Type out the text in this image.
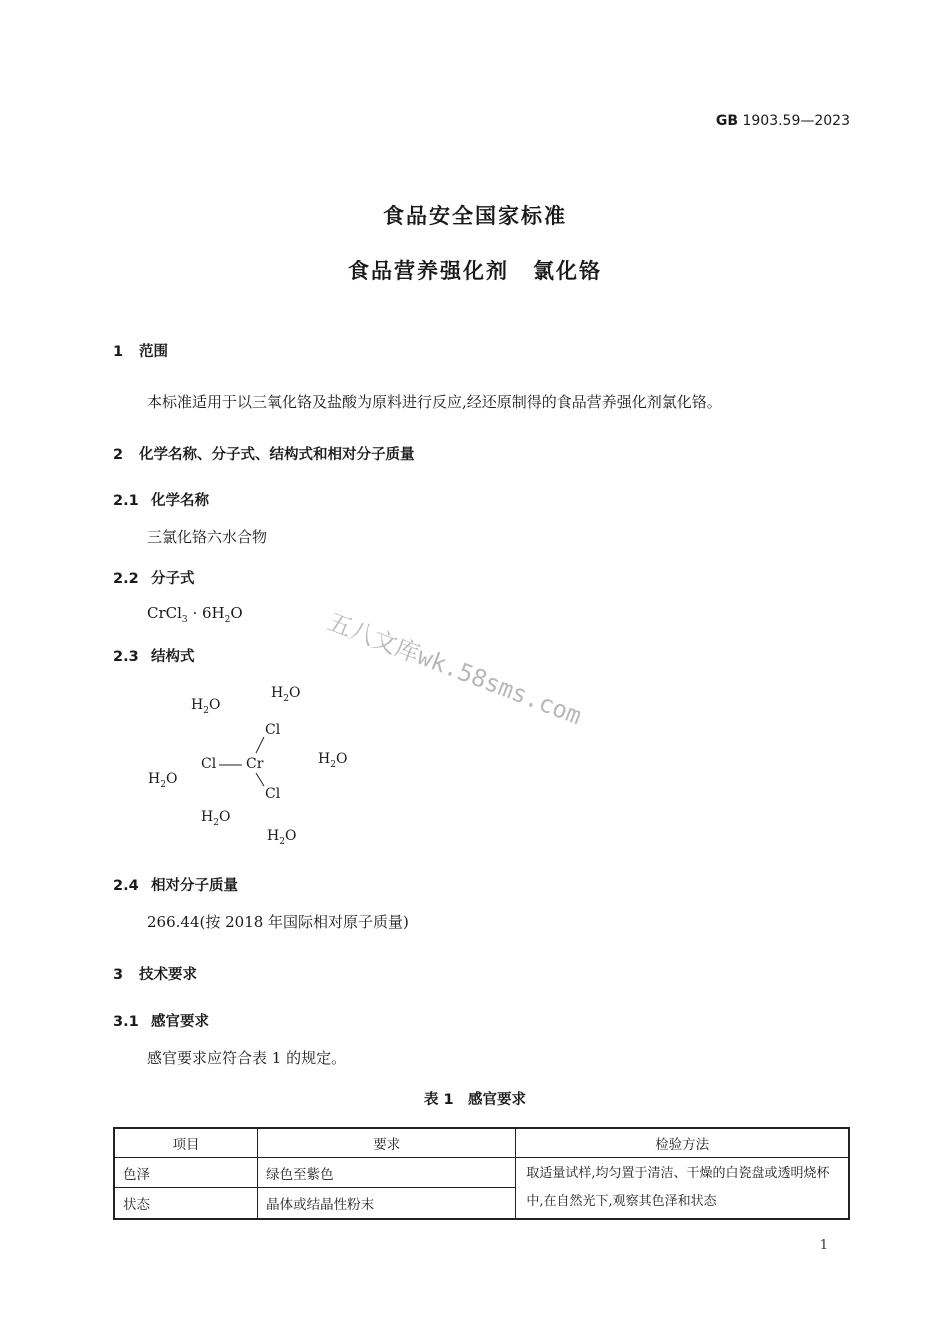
GB 1903.59—2023
食品安全国家标准
食品营养强化剂 氯化铬
1 范围
本标准适用于以三氧化铬及盐酸为原料进行反应,经还原制得的食品营养强化剂氯化铬。
2 化学名称、分子式、结构式和相对分子质量
2.1 化学名称
三氯化铬六水合物
2.2 分子式
CrCl$_3$ · $6H_2O$
2.3 结构式
$H_2O$
$H_2O$
$H_2O$
$H_2O$
$H_2O$
$H_2O$
Cl
Cl Cr
Cl
2.4 相对分子质量
266.44(按 2018 年国际相对原子质量)
3 技术要求
3.1 感官要求
感官要求应符合表 1 的规定。
表 1　感官要求
项目	要求	检验方法
色泽	绿色至紫色	取适量试样,均匀置于清洁、干燥的白瓷盘或透明烧杯中,在自然光下,观察其色泽和状态
状态	晶体或结晶性粉末	
五八文库wk.58sms.com
1
